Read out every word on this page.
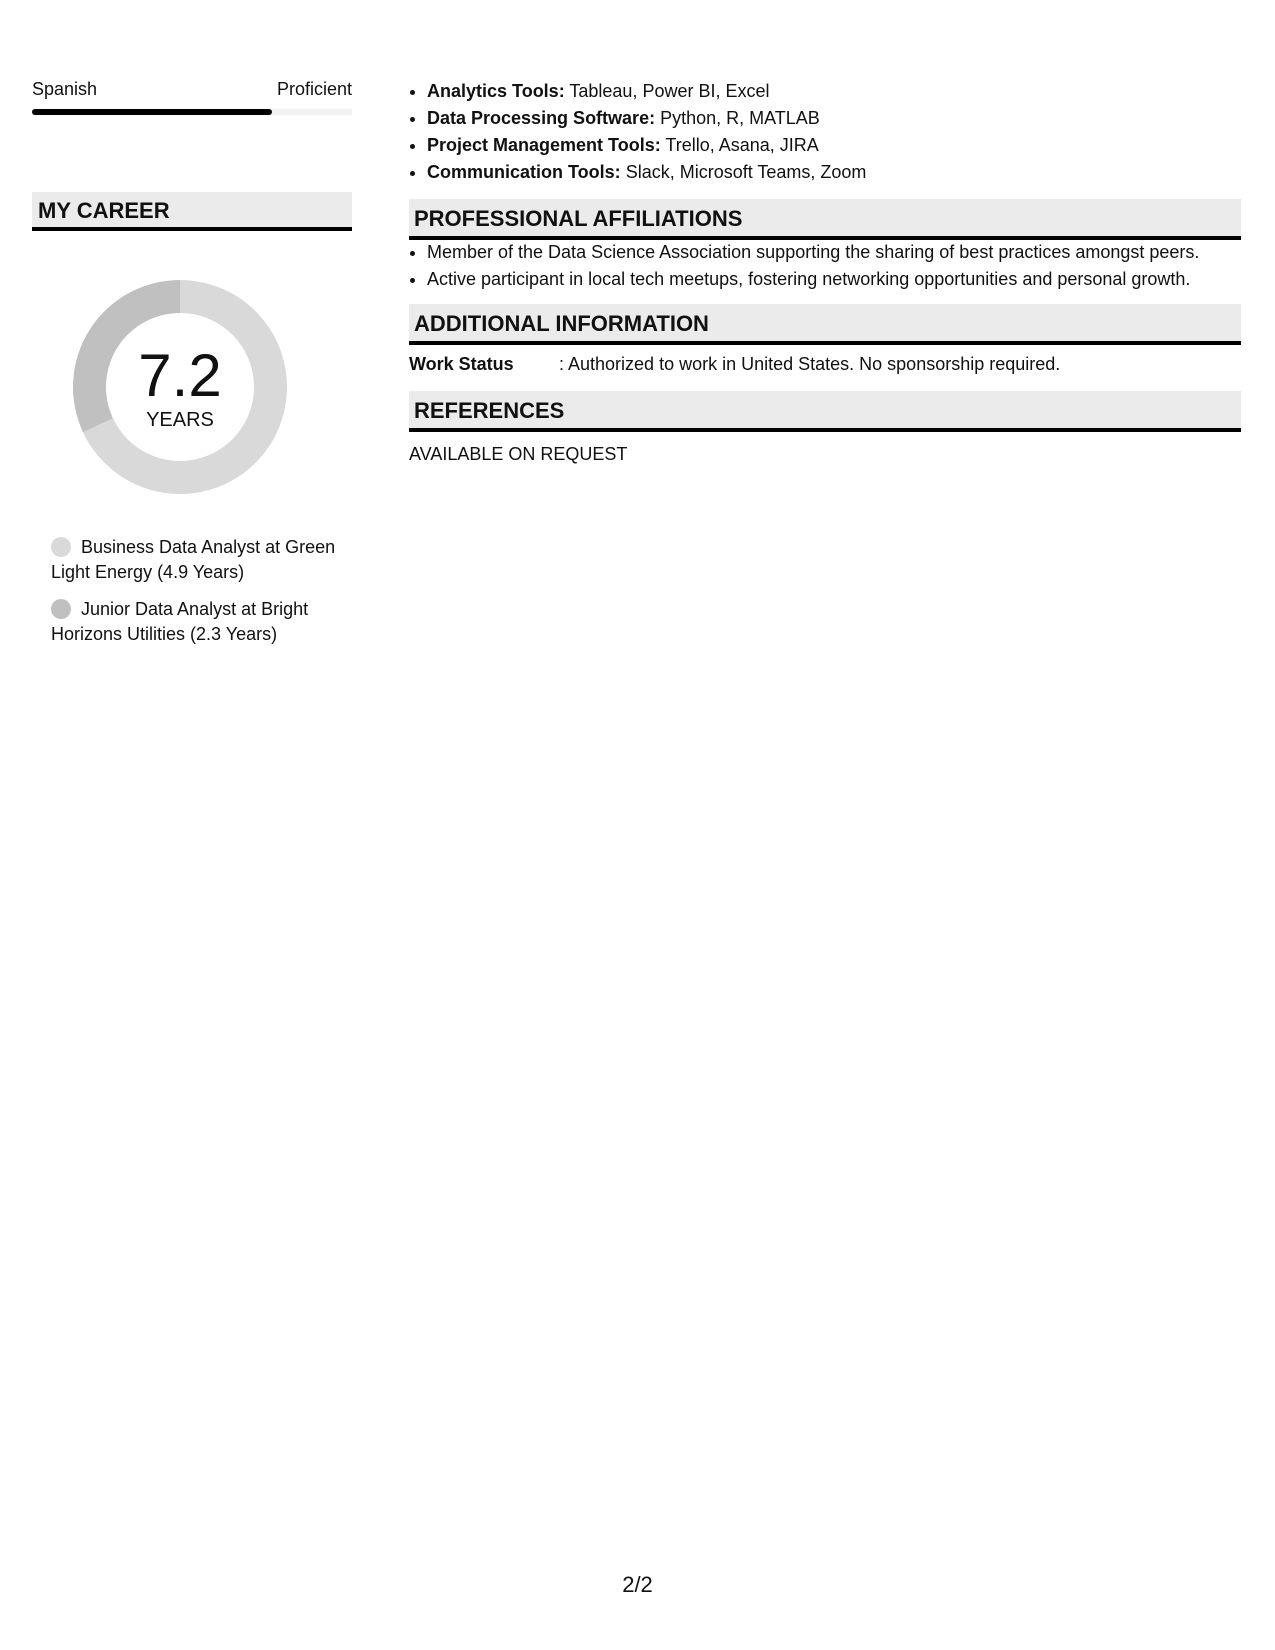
Spanish	Proficient
MY CAREER
7.2
YEARS
Business Data Analyst at Green Light Energy (4.9 Years)
Junior Data Analyst at Bright Horizons Utilities (2.3 Years)
• Analytics Tools: Tableau, Power BI, Excel
• Data Processing Software: Python, R, MATLAB
• Project Management Tools: Trello, Asana, JIRA
• Communication Tools: Slack, Microsoft Teams, Zoom
PROFESSIONAL AFFILIATIONS
• Member of the Data Science Association supporting the sharing of best practices amongst peers.
• Active participant in local tech meetups, fostering networking opportunities and personal growth.
ADDITIONAL INFORMATION
Work Status	: Authorized to work in United States. No sponsorship required.
REFERENCES
AVAILABLE ON REQUEST
2/2
